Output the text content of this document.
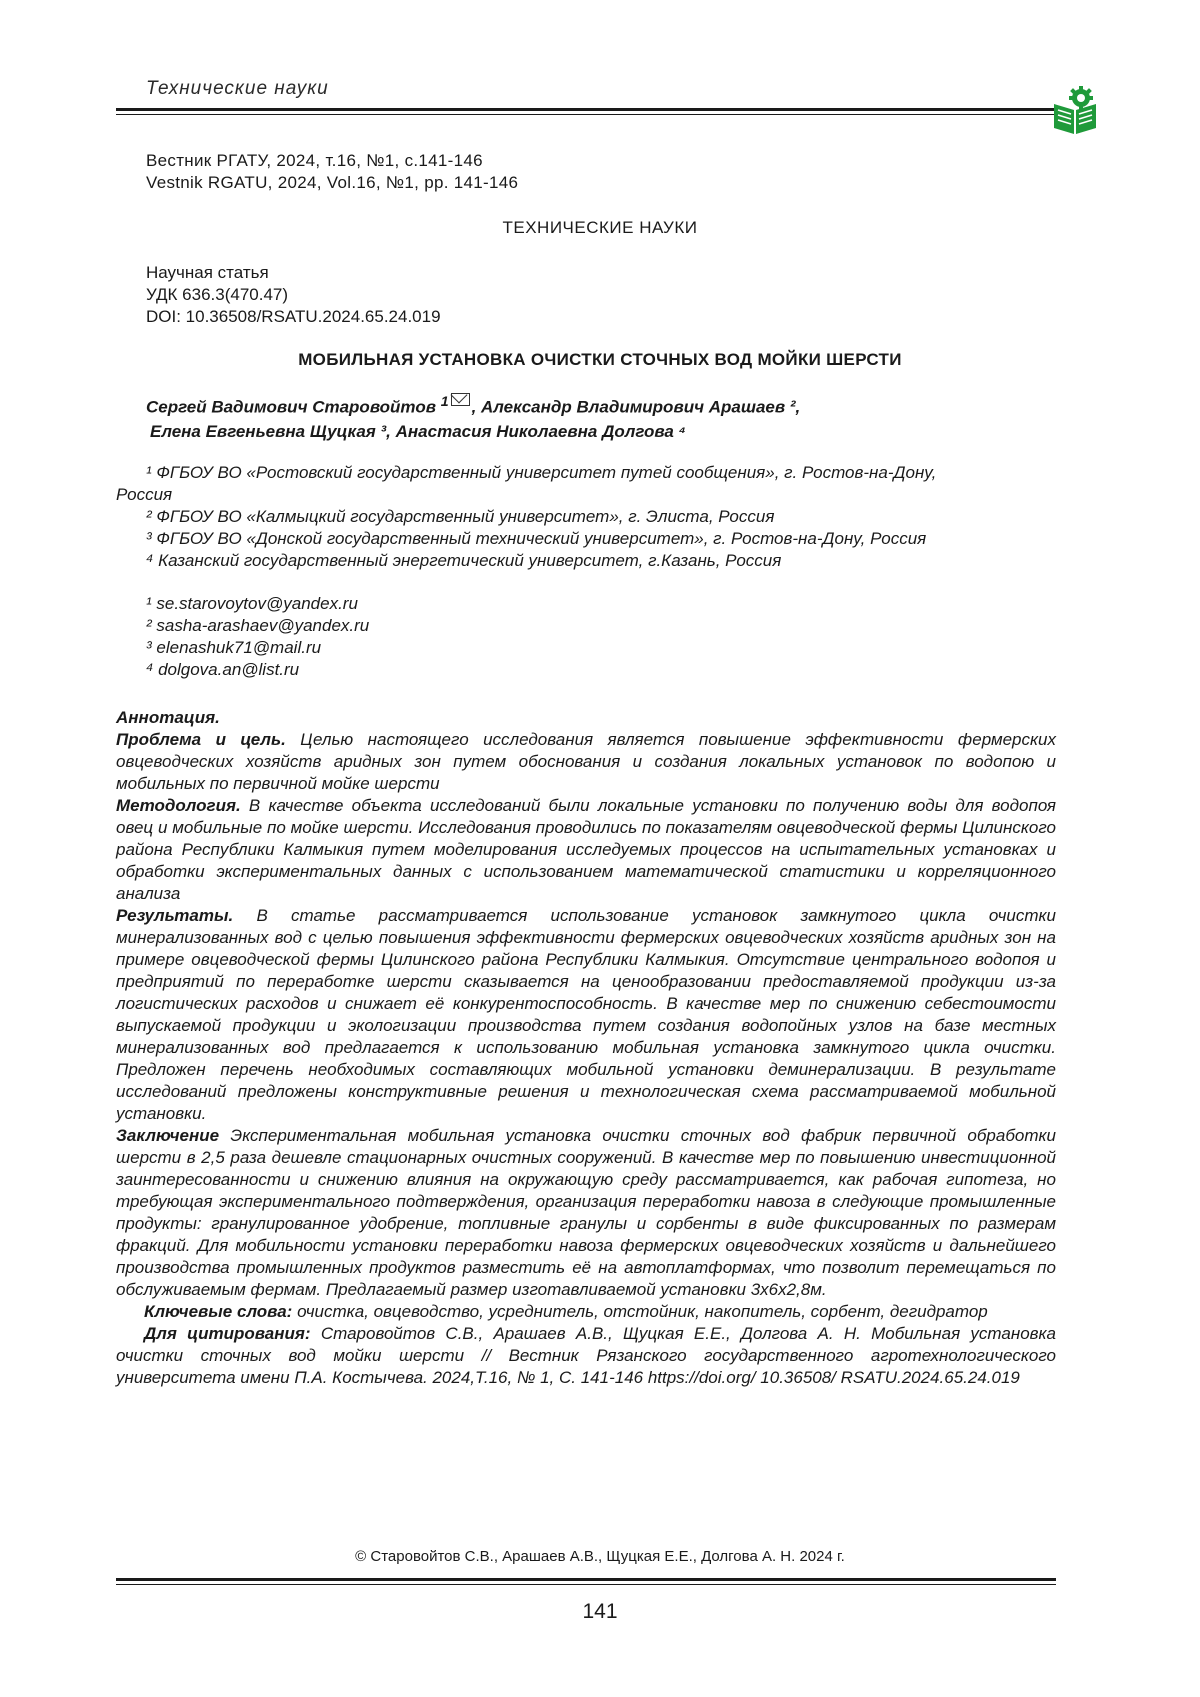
Технические науки
Вестник РГАТУ, 2024, т.16, №1, с.141-146
Vestnik RGATU, 2024, Vol.16, №1, pp. 141-146
ТЕХНИЧЕСКИЕ НАУКИ
Научная статья
УДК 636.3(470.47)
DOI: 10.36508/RSATU.2024.65.24.019
МОБИЛЬНАЯ УСТАНОВКА ОЧИСТКИ СТОЧНЫХ ВОД МОЙКИ ШЕРСТИ
Сергей Вадимович Старовойтов $^1$ , Александр Владимирович Арашаев ²,
Елена Евгеньевна Щуцкая ³, Анастасия Николаевна Долгова ⁴
¹ ФГБОУ ВО «Ростовский государственный университет путей сообщения», г. Ростов-на-Дону,
Россия
² ФГБОУ ВО «Калмыцкий государственный университет», г. Элиста, Россия
³ ФГБОУ ВО «Донской государственный технический университет», г. Ростов-на-Дону, Россия
⁴ Казанский государственный энергетический университет, г.Казань, Россия
¹ se.starovoytov@yandex.ru
² sasha-arashaev@yandex.ru
³ elenashuk71@mail.ru
⁴ dolgova.an@list.ru

Аннотация.

Проблема и цель. Целью настоящего исследования является повышение эффективности фермерских овцеводческих хозяйств аридных зон путем обоснования и создания локальных установок по водопою и мобильных по первичной мойке шерсти

Методология. В качестве объекта исследований были локальные установки по получению воды для водопоя овец и мобильные по мойке шерсти. Исследования проводились по показателям овцеводческой фермы Цилинского района Республики Калмыкия путем моделирования исследуемых процессов на испытательных установках и обработки экспериментальных данных с использованием математической статистики и корреляционного анализа

Результаты. В статье рассматривается использование установок замкнутого цикла очистки минерализованных вод с целью повышения эффективности фермерских овцеводческих хозяйств аридных зон на примере овцеводческой фермы Цилинского района Республики Калмыкия. Отсутствие центрального водопоя и предприятий по переработке шерсти сказывается на ценообразовании предоставляемой продукции из-за логистических расходов и снижает её конкурентоспособность. В качестве мер по снижению себестоимости выпускаемой продукции и экологизации производства путем создания водопойных узлов на базе местных минерализованных вод предлагается к использованию мобильная установка замкнутого цикла очистки. Предложен перечень необходимых составляющих мобильной установки деминерализации. В результате исследований предложены конструктивные решения и технологическая схема рассматриваемой мобильной установки.

Заключение Экспериментальная мобильная установка очистки сточных вод фабрик первичной обработки шерсти в 2,5 раза дешевле стационарных очистных сооружений. В качестве мер по повышению инвестиционной заинтересованности и снижению влияния на окружающую среду рассматривается, как рабочая гипотеза, но требующая экспериментального подтверждения, организация переработки навоза в следующие промышленные продукты: гранулированное удобрение, топливные гранулы и сорбенты в виде фиксированных по размерам фракций. Для мобильности установки переработки навоза фермерских овцеводческих хозяйств и дальнейшего производства промышленных продуктов разместить её на автоплатформах, что позволит перемещаться по обслуживаемым фермам. Предлагаемый размер изготавливаемой установки 3х6х2,8м.

Ключевые слова: очистка, овцеводство, усреднитель, отстойник, накопитель, сорбент, дегидратор

Для цитирования: Старовойтов С.В., Арашаев А.В., Щуцкая Е.Е., Долгова А. Н. Мобильная установка очистки сточных вод мойки шерсти // Вестник Рязанского государственного агротехнологического университета имени П.А. Костычева. 2024,Т.16, № 1, С. 141-146 https://doi.org/ 10.36508/ RSATU.2024.65.24.019

© Старовойтов С.В., Арашаев А.В., Щуцкая Е.Е., Долгова А. Н. 2024 г.
141
